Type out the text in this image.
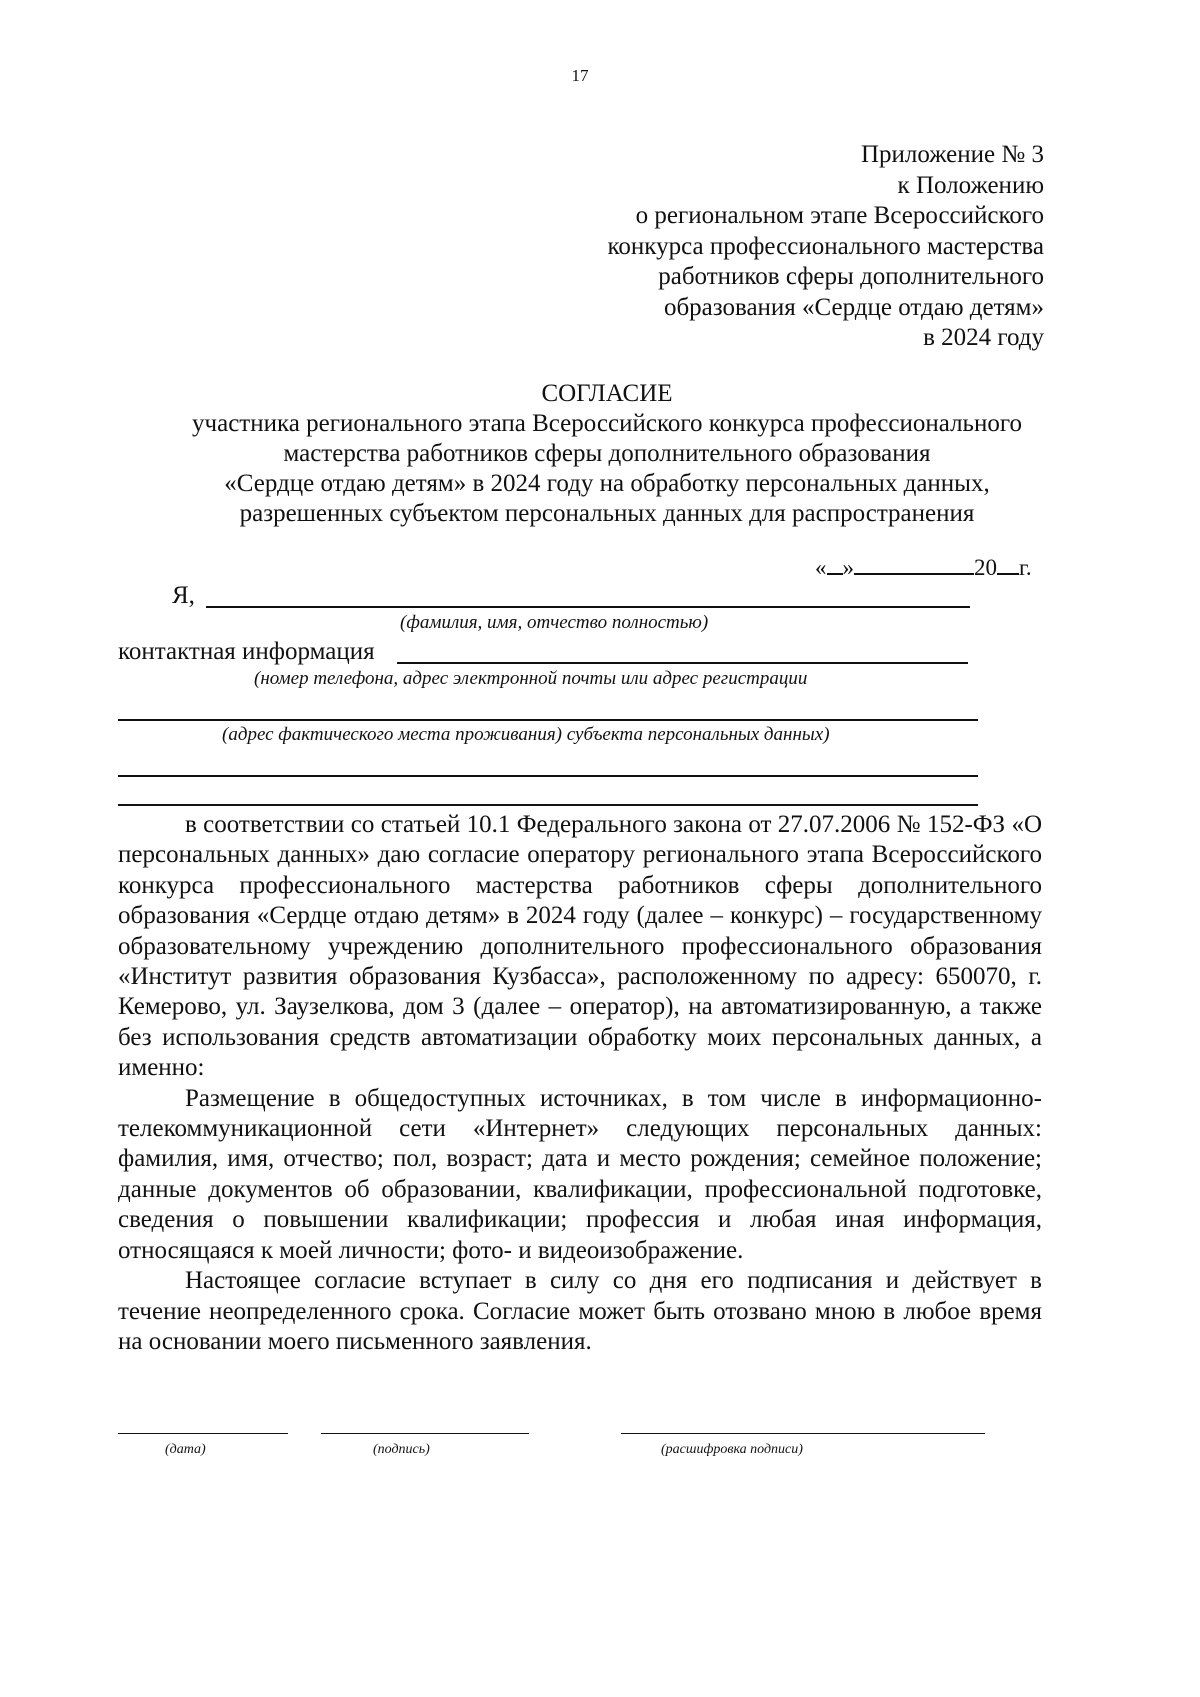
17
Приложение № 3
к Положению
о региональном этапе Всероссийского
конкурса профессионального мастерства
работников сферы дополнительного
образования «Сердце отдаю детям»
в 2024 году
СОГЛАСИЕ
участника регионального этапа Всероссийского конкурса профессионального
мастерства работников сферы дополнительного образования
«Сердце отдаю детям» в 2024 году на обработку персональных данных,
разрешенных субъектом персональных данных для распространения
« »	20 г.
Я,
(фамилия, имя, отчество полностью)
контактная информация
(номер телефона, адрес электронной почты или адрес регистрации
(адрес фактического места проживания) субъекта персональных данных)

в соответствии со статьей 10.1 Федерального закона от 27.07.2006 № 152-ФЗ «О персональных данных» даю согласие оператору регионального этапа Всероссийского конкурса профессионального мастерства работников сферы дополнительного образования «Сердце отдаю детям» в 2024 году (далее – конкурс) – государственному образовательному учреждению дополнительного профессионального образования «Институт развития образования Кузбасса», расположенному по адресу: 650070, г. Кемерово, ул. Заузелкова, дом 3 (далее – оператор), на автоматизированную, а также без использования средств автоматизации обработку моих персональных данных, а именно:

Размещение в общедоступных источниках, в том числе в информационно-телекоммуникационной сети «Интернет» следующих персональных данных: фамилия, имя, отчество; пол, возраст; дата и место рождения; семейное положение; данные документов об образовании, квалификации, профессиональной подготовке, сведения о повышении квалификации; профессия и любая иная информация, относящаяся к моей личности; фото- и видеоизображение.

Настоящее согласие вступает в силу со дня его подписания и действует в течение неопределенного срока. Согласие может быть отозвано мною в любое время на основании моего письменного заявления.

(дата)	(подпись)	(расшифровка подписи)
